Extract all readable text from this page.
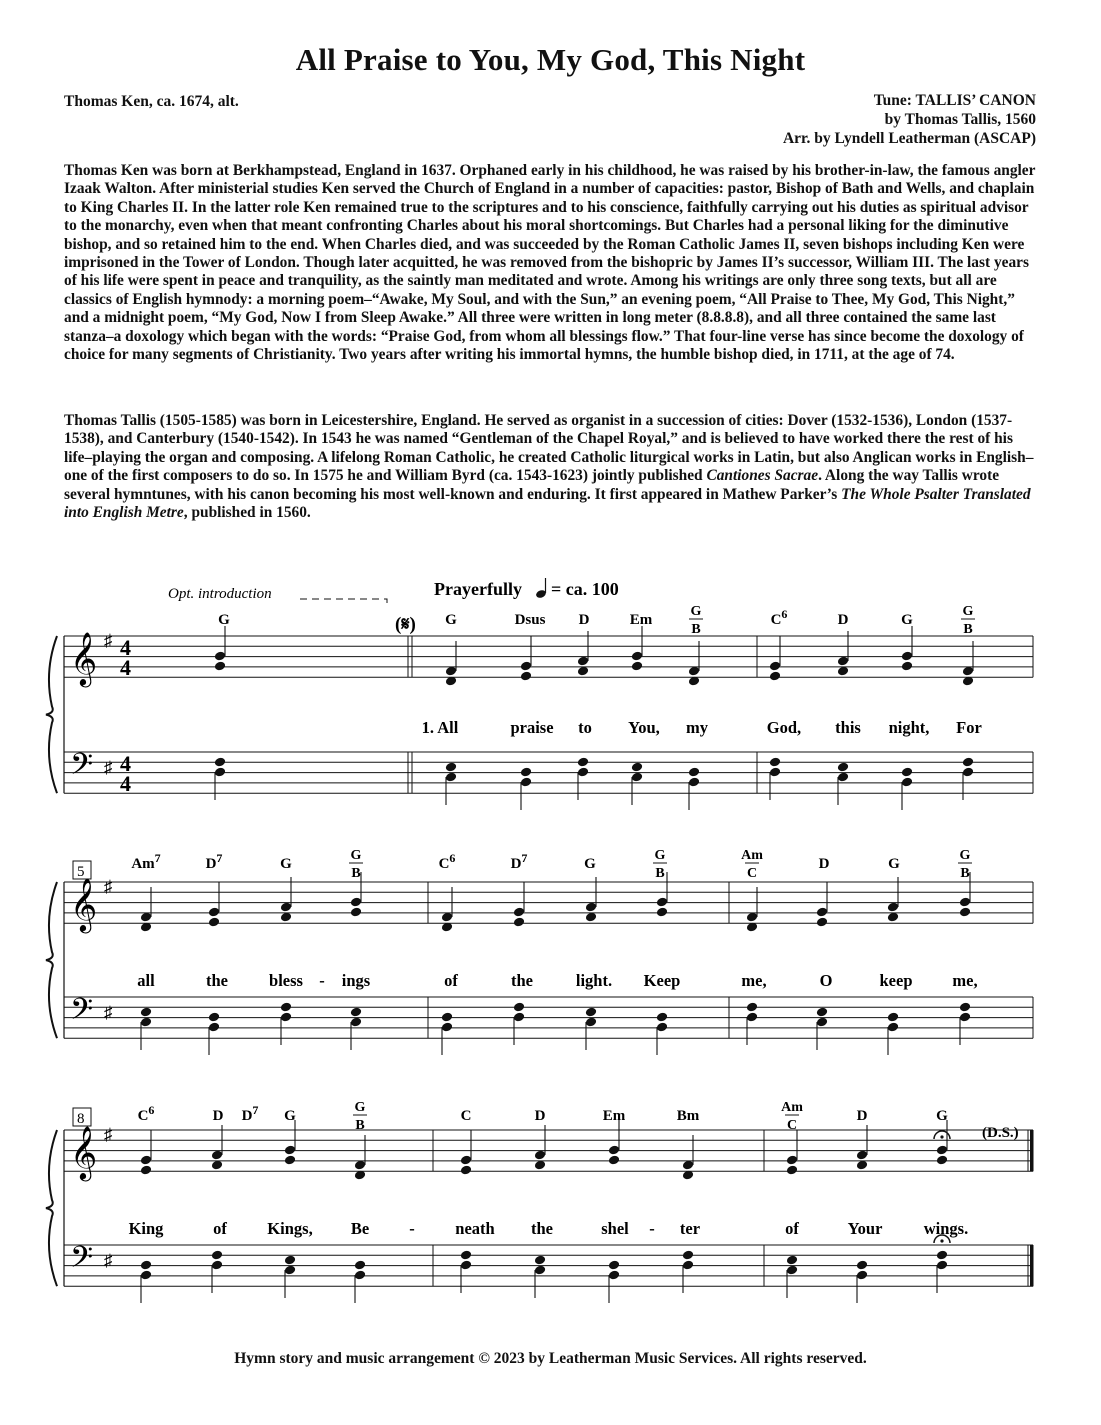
All Praise to You, My God, This Night
Thomas Ken, ca. 1674, alt.	Tune: TALLIS’ CANON
by Thomas Tallis, 1560
Arr. by Lyndell Leatherman (ASCAP)

Thomas Ken was born at Berkhampstead, England in 1637. Orphaned early in his childhood, he was raised by his brother-in-law, the famous angler Izaak Walton. After ministerial studies Ken served the Church of England in a number of capacities: pastor, Bishop of Bath and Wells, and chaplain to King Charles II. In the latter role Ken remained true to the scriptures and to his conscience, faithfully carrying out his duties as spiritual advisor to the monarchy, even when that meant confronting Charles about his moral shortcomings. But Charles had a personal liking for the diminutive bishop, and so retained him to the end. When Charles died, and was succeeded by the Roman Catholic James II, seven bishops including Ken were imprisoned in the Tower of London. Though later acquitted, he was removed from the bishopric by James II’s successor, William III. The last years of his life were spent in peace and tranquility, as the saintly man meditated and wrote. Among his writings are only three song texts, but all are classics of English hymnody: a morning poem–“Awake, My Soul, and with the Sun,” an evening poem, “All Praise to Thee, My God, This Night,” and a midnight poem, “My God, Now I from Sleep Awake.” All three were written in long meter (8.8.8.8), and all three contained the same last stanza–a doxology which began with the words: “Praise God, from whom all blessings flow.” That four-line verse has since become the doxology of choice for many segments of Christianity. Two years after writing his immortal hymns, the humble bishop died, in 1711, at the age of 74.

Thomas Tallis (1505-1585) was born in Leicestershire, England. He served as organist in a succession of cities: Dover (1532-1536), London (1537-1538), and Canterbury (1540-1542). In 1543 he was named “Gentleman of the Chapel Royal,” and is believed to have worked there the rest of his life–playing the organ and composing. A lifelong Roman Catholic, he created Catholic liturgical works in Latin, but also Anglican works in English–one of the first composers to do so. In 1575 he and William Byrd (ca. 1543-1623) jointly published Cantiones Sacrae. Along the way Tallis wrote several hymntunes, with his canon becoming his most well-known and enduring. It first appeared in Mathew Parker’s The Whole Psalter Translated into English Metre, published in 1560.

Opt. introduction	Prayerfully = ca. 100
(𝄋)
(D.S.)
5
8
𝄞
𝄢
♯
♯
4
4
4
4
𝄞
𝄢
♯
♯
𝄞
𝄢
♯
♯
G	G	Dsus D	Em
G
B
$C^6$	D	G
G
B
Am$^7$	$D^7$	G
G
B
$C^6$	$D^7$	G
G
B
Am
C
D	G
G
B
$C^6$	D $D^7$ G
G
B
C	D	Em	Bm
Am
C
D	G
1. All	praise to You, my	God, this night, For
all	the bless - ings	of	the	light. Keep	me,	O	keep me,
King	of Kings, Be - neath the	shel - ter	of	Your	wings.
Hymn story and music arrangement © 2023 by Leatherman Music Services. All rights reserved.
